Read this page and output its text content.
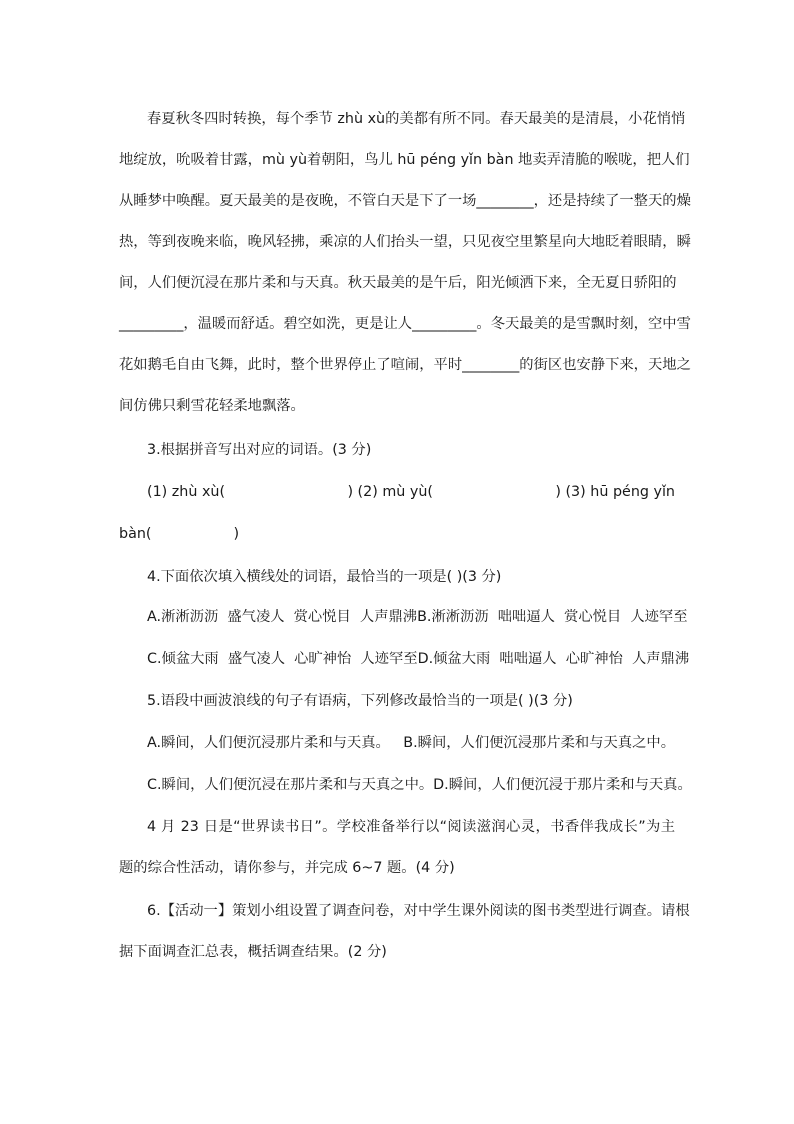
春夏秋冬四时转换，每个季节 zhù xù的美都有所不同。春天最美的是清晨，小花悄悄
地绽放，吮吸着甘露，mù yù着朝阳，鸟儿 hū péng yǐn bàn 地卖弄清脆的喉咙，把人们
从睡梦中唤醒。夏天最美的是夜晚，不管白天是下了一场________，还是持续了一整天的燥
热，等到夜晚来临，晚风轻拂，乘凉的人们抬头一望，只见夜空里繁星向大地眨着眼睛，瞬
间，人们便沉浸在那片柔和与天真。秋天最美的是午后，阳光倾洒下来，全无夏日骄阳的
_________，温暖而舒适。碧空如洗，更是让人_________。冬天最美的是雪飘时刻，空中雪
花如鹅毛自由飞舞，此时，整个世界停止了喧闹，平时________的街区也安静下来，天地之
间仿佛只剩雪花轻柔地飘落。
3.根据拼音写出对应的词语。(3 分)
(1) zhù xù(	) (2) mù yù(	) (3) hū péng yǐn
bàn(	)
4.下面依次填入横线处的词语，最恰当的一项是( )(3 分)
A.淅淅沥沥
盛气凌人
赏心悦目
人声鼎沸 B.淅淅沥沥
咄咄逼人
赏心悦目
人迹罕至
C.倾盆大雨
盛气凌人
心旷神怡
人迹罕至 D.倾盆大雨
咄咄逼人
心旷神怡
人声鼎沸
5.语段中画波浪线的句子有语病，下列修改最恰当的一项是( )(3 分)
A.瞬间，人们便沉浸那片柔和与天真。 B.瞬间，人们便沉浸那片柔和与天真之中。
C.瞬间，人们便沉浸在那片柔和与天真之中。 D.瞬间，人们便沉浸于那片柔和与天真。
4 月 23 日是“世界读书日”。学校准备举行以“阅读滋润心灵，书香伴我成长”为主
题的综合性活动，请你参与，并完成 6~7 题。(4 分)
6.【活动一】策划小组设置了调查问卷，对中学生课外阅读的图书类型进行调查。请根
据下面调查汇总表，概括调查结果。(2 分)
